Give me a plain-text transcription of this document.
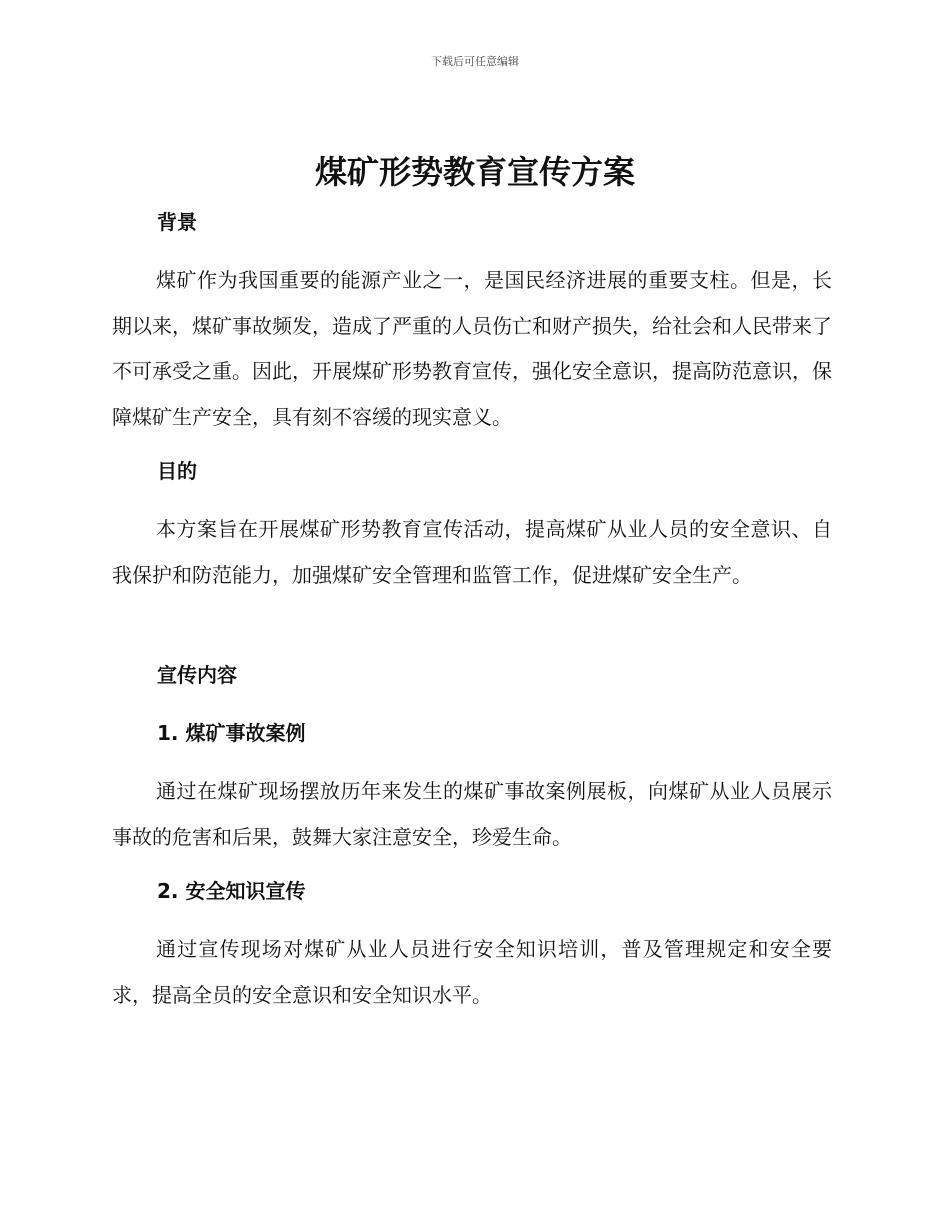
下载后可任意编辑
煤矿形势教育宣传方案
背景

煤矿作为我国重要的能源产业之一，是国民经济进展的重要支柱。但是，长期以来，煤矿事故频发，造成了严重的人员伤亡和财产损失，给社会和人民带来了不可承受之重。因此，开展煤矿形势教育宣传，强化安全意识，提高防范意识，保障煤矿生产安全，具有刻不容缓的现实意义。

目的

本方案旨在开展煤矿形势教育宣传活动，提高煤矿从业人员的安全意识、自我保护和防范能力，加强煤矿安全管理和监管工作，促进煤矿安全生产。

宣传内容
1. 煤矿事故案例

通过在煤矿现场摆放历年来发生的煤矿事故案例展板，向煤矿从业人员展示事故的危害和后果，鼓舞大家注意安全，珍爱生命。

2. 安全知识宣传

通过宣传现场对煤矿从业人员进行安全知识培训，普及管理规定和安全要求，提高全员的安全意识和安全知识水平。
